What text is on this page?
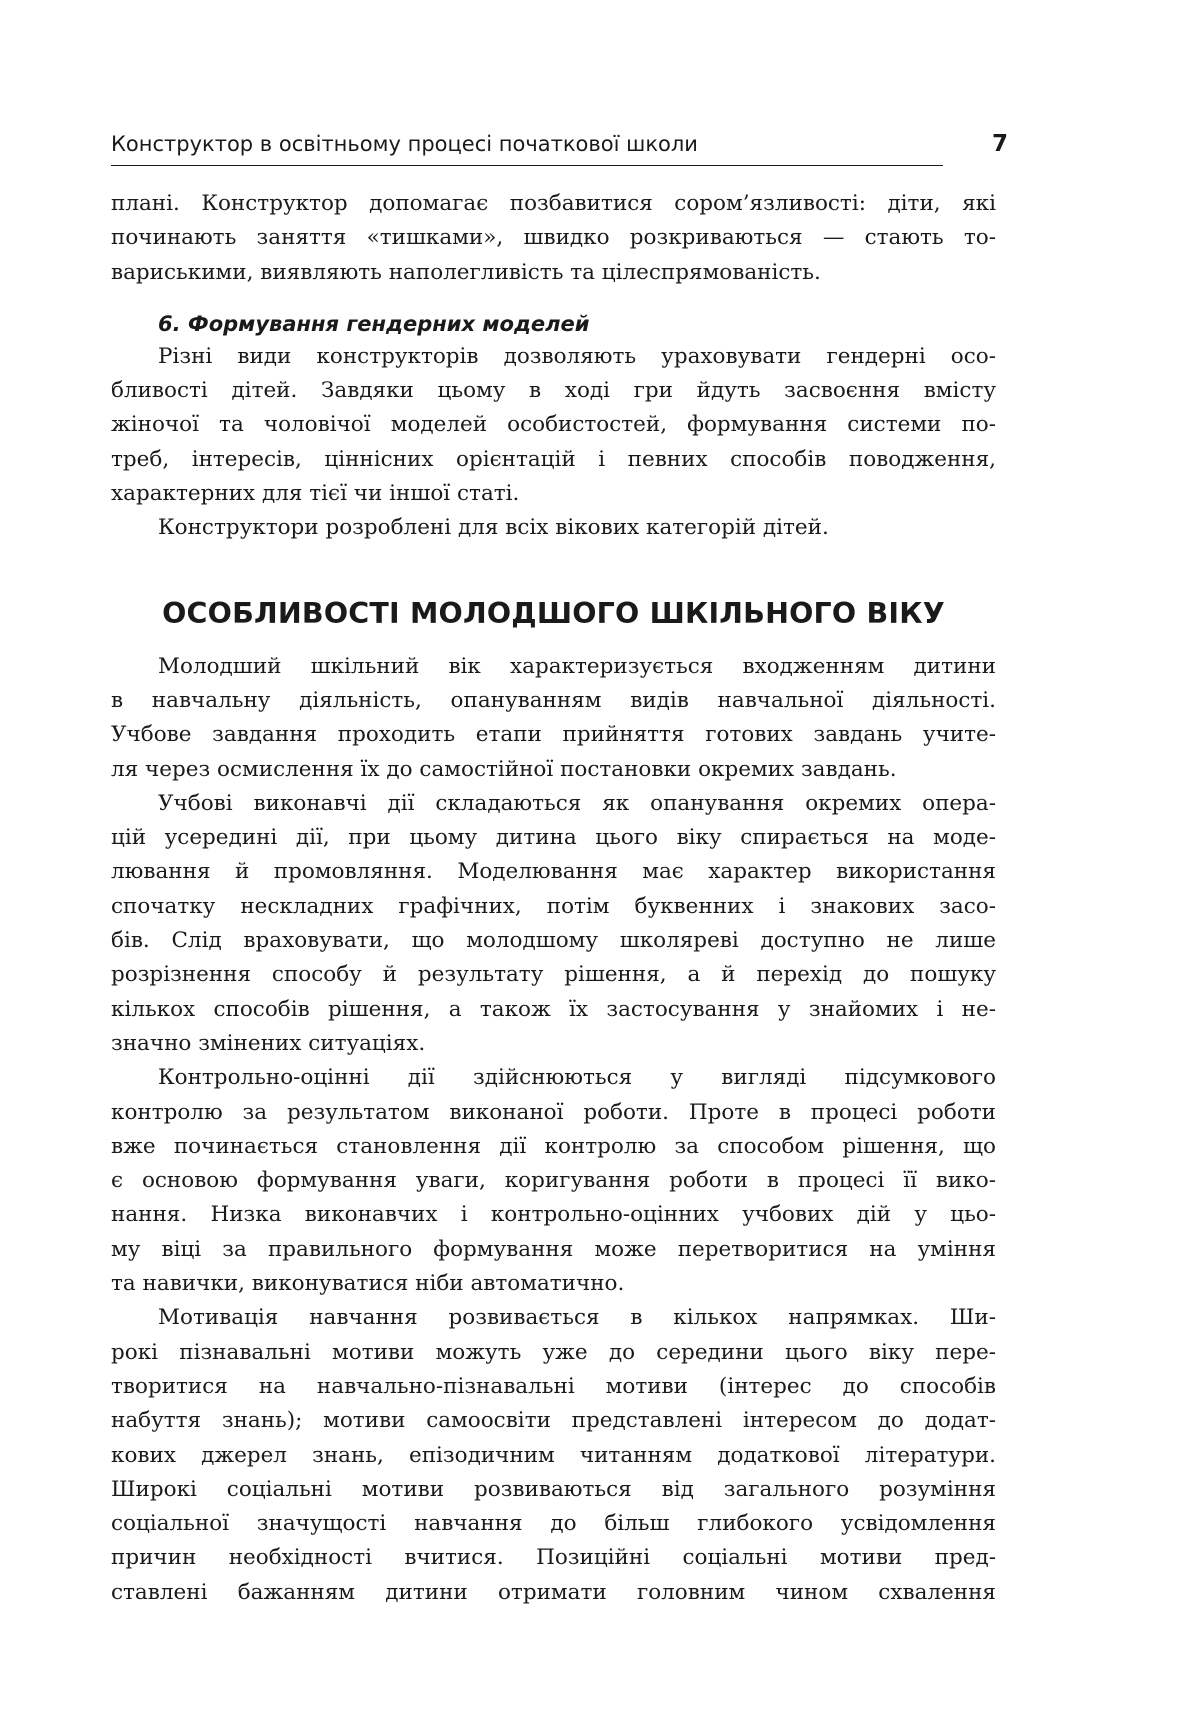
Конструктор в освітньому процесі початкової школи	7

плані. Конструктор допомагає позбавитися сором’язливості: діти, які
починають заняття «тишками», швидко розкриваються — стають то-
вариськими, виявляють наполегливість та цілеспрямованість.

6. Формування гендерних моделей

Різні види конструкторів дозволяють ураховувати гендерні осо-
бливості дітей. Завдяки цьому в ході гри йдуть засвоєння вмісту
жіночої та чоловічої моделей особистостей, формування системи по-
треб, інтересів, ціннісних орієнтацій і певних способів поводження,
характерних для тієї чи іншої статі.

Конструктори розроблені для всіх вікових категорій дітей.

ОСОБЛИВОСТІ МОЛОДШОГО ШКІЛЬНОГО ВІКУ

Молодший шкільний вік характеризується входженням дитини
в навчальну діяльність, опануванням видів навчальної діяльності.
Учбове завдання проходить етапи прийняття готових завдань учите-
ля через осмислення їх до самостійної постановки окремих завдань.

Учбові виконавчі дії складаються як опанування окремих опера-
цій усередині дії, при цьому дитина цього віку спирається на моде-
лювання й промовляння. Моделювання має характер використання
спочатку нескладних графічних, потім буквенних і знакових засо-
бів. Слід враховувати, що молодшому школяреві доступно не лише
розрізнення способу й результату рішення, а й перехід до пошуку
кількох способів рішення, а також їх застосування у знайомих і не-
значно змінених ситуаціях.

Контрольно-оцінні дії здійснюються у вигляді підсумкового
контролю за результатом виконаної роботи. Проте в процесі роботи
вже починається становлення дії контролю за способом рішення, що
є основою формування уваги, коригування роботи в процесі її вико-
нання. Низка виконавчих і контрольно-оцінних учбових дій у цьо-
му віці за правильного формування може перетворитися на уміння
та навички, виконуватися ніби автоматично.

Мотивація навчання розвивається в кількох напрямках. Ши-
рокі пізнавальні мотиви можуть уже до середини цього віку пере-
творитися на навчально-пізнавальні мотиви (інтерес до способів
набуття знань); мотиви самоосвіти представлені інтересом до додат-
кових джерел знань, епізодичним читанням додаткової літератури.
Широкі соціальні мотиви розвиваються від загального розуміння
соціальної значущості навчання до більш глибокого усвідомлення
причин необхідності вчитися. Позиційні соціальні мотиви пред-
ставлені бажанням дитини отримати головним чином схвалення
